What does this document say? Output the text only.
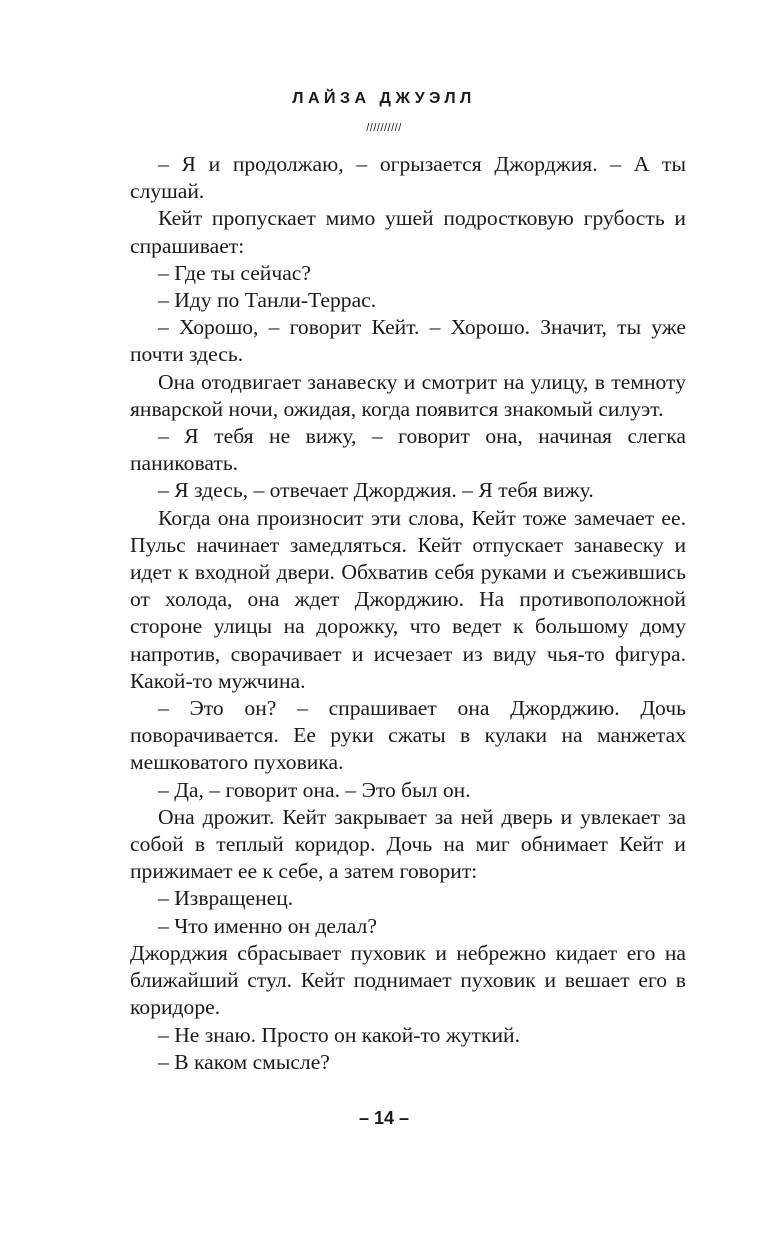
ЛАЙЗА ДЖУЭЛЛ
//////////

– Я и продолжаю, – огрызается Джорджия. – А ты слушай.

Кейт пропускает мимо ушей подростковую грубость и спрашивает:

– Где ты сейчас?

– Иду по Танли-Террас.

– Хорошо, – говорит Кейт. – Хорошо. Значит, ты уже почти здесь.

Она отодвигает занавеску и смотрит на улицу, в темноту январской ночи, ожидая, когда появится знакомый силуэт.

– Я тебя не вижу, – говорит она, начиная слегка паниковать.

– Я здесь, – отвечает Джорджия. – Я тебя вижу.

Когда она произносит эти слова, Кейт тоже замечает ее. Пульс начинает замедляться. Кейт отпускает занавеску и идет к входной двери. Обхватив себя руками и съежившись от холода, она ждет Джорджию. На противоположной стороне улицы на дорожку, что ведет к большому дому напротив, сворачивает и исчезает из виду чья-то фигура. Какой-то мужчина.

– Это он? – спрашивает она Джорджию. Дочь поворачивается. Ее руки сжаты в кулаки на манжетах мешковатого пуховика.

– Да, – говорит она. – Это был он.

Она дрожит. Кейт закрывает за ней дверь и увлекает за собой в теплый коридор. Дочь на миг обнимает Кейт и прижимает ее к себе, а затем говорит:

– Извращенец.

– Что именно он делал?

Джорджия сбрасывает пуховик и небрежно кидает его на ближайший стул. Кейт поднимает пуховик и вешает его в коридоре.

– Не знаю. Просто он какой-то жуткий.

– В каком смысле?

– 14 –
